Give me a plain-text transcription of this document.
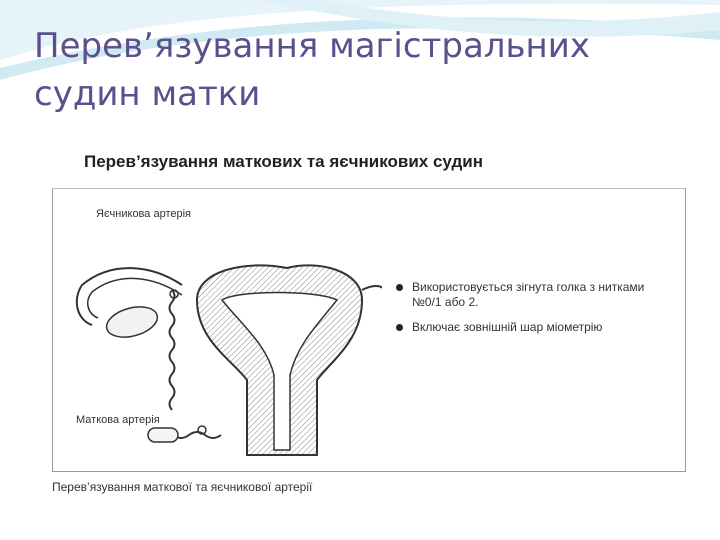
Перев’язування магістральних судин матки
Перев’язування маткових та яєчникових судин
Яєчникова артерія
Маткова артерія
Використовується зігнута голка з нитками №0/1 або 2.
Включає зовнішній шар міометрію
Перев’язування маткової та яєчникової артерії
